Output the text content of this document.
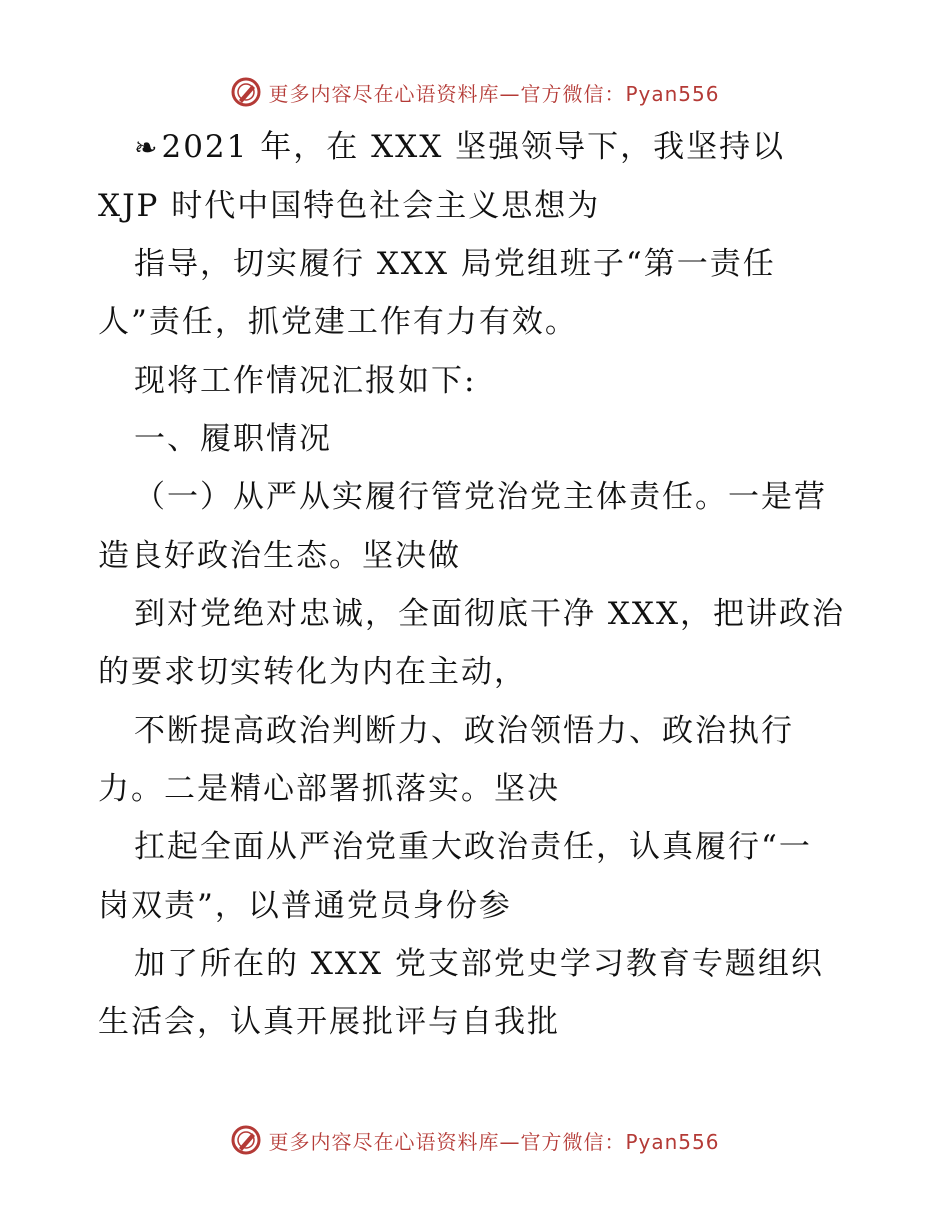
更多内容尽在心语资料库—官方微信：Pyan556
❧2021 年，在 XXX 坚强领导下，我坚持以
XJP 时代中国特色社会主义思想为
指导，切实履行 XXX 局党组班子“第一责任
人”责任，抓党建工作有力有效。
现将工作情况汇报如下:
一、履职情况
（一）从严从实履行管党治党主体责任。一是营
造良好政治生态。坚决做
到对党绝对忠诚，全面彻底干净 XXX，把讲政治
的要求切实转化为内在主动，
不断提高政治判断力、政治领悟力、政治执行
力。二是精心部署抓落实。坚决
扛起全面从严治党重大政治责任，认真履行“一
岗双责”，以普通党员身份参
加了所在的 XXX 党支部党史学习教育专题组织
生活会，认真开展批评与自我批
更多内容尽在心语资料库—官方微信：Pyan556
